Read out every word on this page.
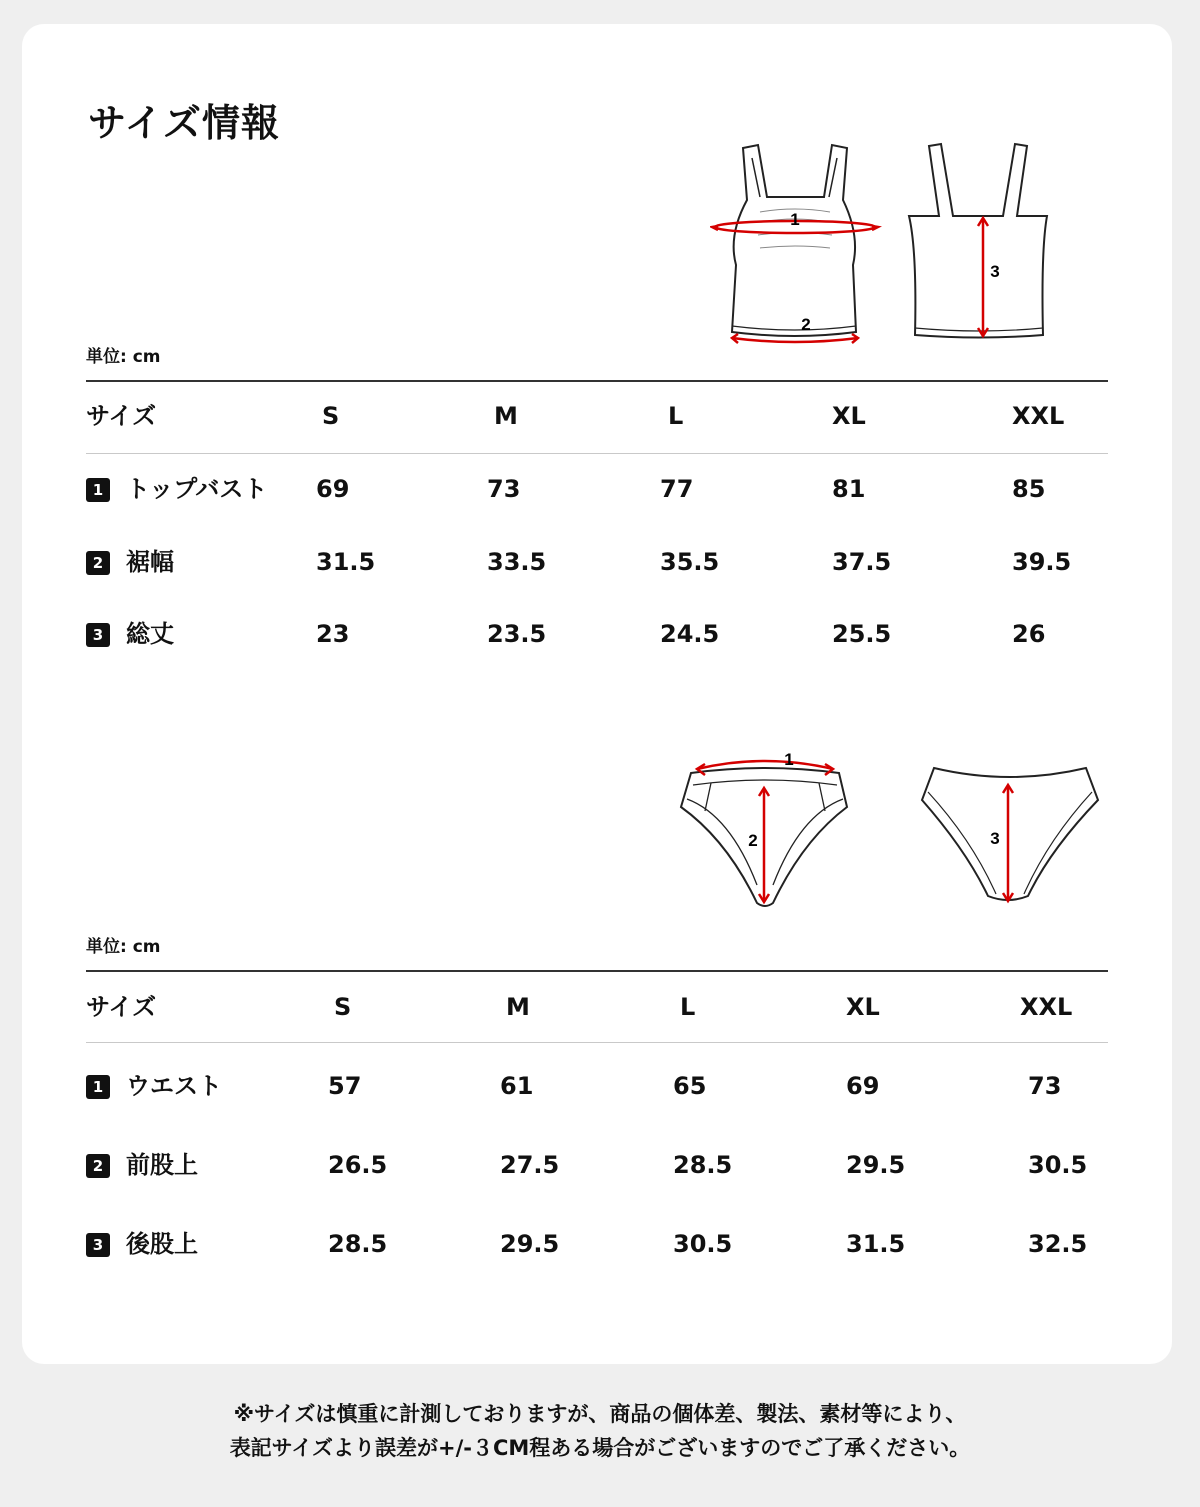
サイズ情報
1
2
3
単位: cm
サイズ	S	M	L	XL	XXL
1 トップバスト 69	73	77	81	85
2 裾幅	31.5	33.5	35.5	37.5	39.5
3 総丈	23	23.5	24.5	25.5	26
1
2	3
単位: cm
サイズ	S	M	L	XL	XXL
1 ウエスト	57	61	65	69	73
2 前股上	26.5	27.5	28.5	29.5	30.5
3 後股上	28.5	29.5	30.5	31.5	32.5
※サイズは慎重に計測しておりますが、商品の個体差、製法、素材等により、
表記サイズより誤差が+/-３CM程ある場合がございますのでご了承ください。
